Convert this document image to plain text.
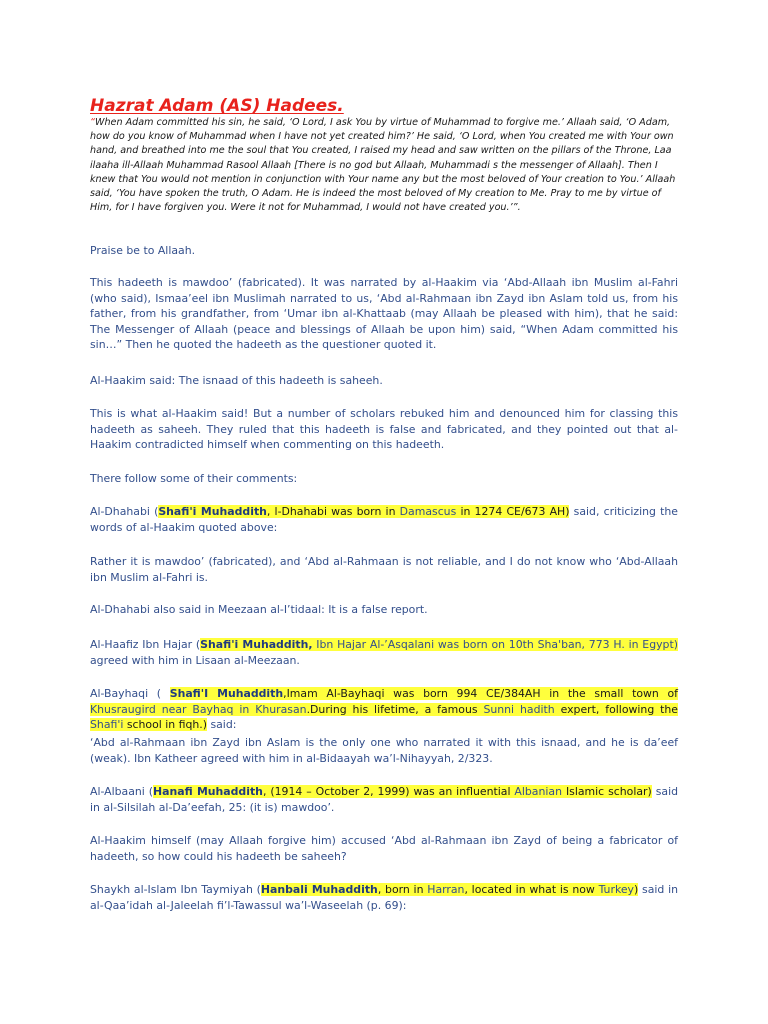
Hazrat Adam (AS) Hadees.

“When Adam committed his sin, he said, ‘O Lord, I ask You by virtue of Muhammad to forgive me.’ Allaah said, ‘O Adam, how do you know of Muhammad when I have not yet created him?’ He said, ‘O Lord, when You created me with Your own hand, and breathed into me the soul that You created, I raised my head and saw written on the pillars of the Throne, Laa ilaaha ill-Allaah Muhammad Rasool Allaah [There is no god but Allaah, Muhammadi s the messenger of Allaah]. Then I knew that You would not mention in conjunction with Your name any but the most beloved of Your creation to You.’ Allaah said, ‘You have spoken the truth, O Adam. He is indeed the most beloved of My creation to Me. Pray to me by virtue of Him, for I have forgiven you. Were it not for Muhammad, I would not have created you.’”.

Praise be to Allaah.

This hadeeth is mawdoo’ (fabricated). It was narrated by al-Haakim via ‘Abd-Allaah ibn Muslim al-Fahri (who said), Ismaa’eel ibn Muslimah narrated to us, ‘Abd al-Rahmaan ibn Zayd ibn Aslam told us, from his father, from his grandfather, from ‘Umar ibn al-Khattaab (may Allaah be pleased with him), that he said: The Messenger of Allaah (peace and blessings of Allaah be upon him) said, “When Adam committed his sin…” Then he quoted the hadeeth as the questioner quoted it.

Al-Haakim said: The isnaad of this hadeeth is saheeh.

This is what al-Haakim said! But a number of scholars rebuked him and denounced him for classing this hadeeth as saheeh. They ruled that this hadeeth is false and fabricated, and they pointed out that al-Haakim contradicted himself when commenting on this hadeeth.

There follow some of their comments:

Al-Dhahabi (Shafi'i Muhaddith, l-Dhahabi was born in Damascus in 1274 CE/673 AH) said, criticizing the words of al-Haakim quoted above:

Rather it is mawdoo’ (fabricated), and ‘Abd al-Rahmaan is not reliable, and I do not know who ‘Abd-Allaah ibn Muslim al-Fahri is.

Al-Dhahabi also said in Meezaan al-I’tidaal: It is a false report.

Al-Haafiz Ibn Hajar (Shafi'i Muhaddith, Ibn Hajar Al-’Asqalani was born on 10th Sha'ban, 773 H. in Egypt) agreed with him in Lisaan al-Meezaan.

Al-Bayhaqi ( Shafi'I Muhaddith,Imam Al-Bayhaqi was born 994 CE/384AH in the small town of Khusraugird near Bayhaq in Khurasan.During his lifetime, a famous Sunni hadith expert, following the Shafi'i school in fiqh.) said:

‘Abd al-Rahmaan ibn Zayd ibn Aslam is the only one who narrated it with this isnaad, and he is da’eef (weak). Ibn Katheer agreed with him in al-Bidaayah wa’l-Nihayyah, 2/323.

Al-Albaani (Hanafi Muhaddith, (1914 – October 2, 1999) was an influential Albanian Islamic scholar) said in al-Silsilah al-Da’eefah, 25: (it is) mawdoo’.

Al-Haakim himself (may Allaah forgive him) accused ‘Abd al-Rahmaan ibn Zayd of being a fabricator of hadeeth, so how could his hadeeth be saheeh?

Shaykh al-Islam Ibn Taymiyah (Hanbali Muhaddith, born in Harran, located in what is now Turkey) said in al-Qaa’idah al-Jaleelah fi’l-Tawassul wa’l-Waseelah (p. 69):
